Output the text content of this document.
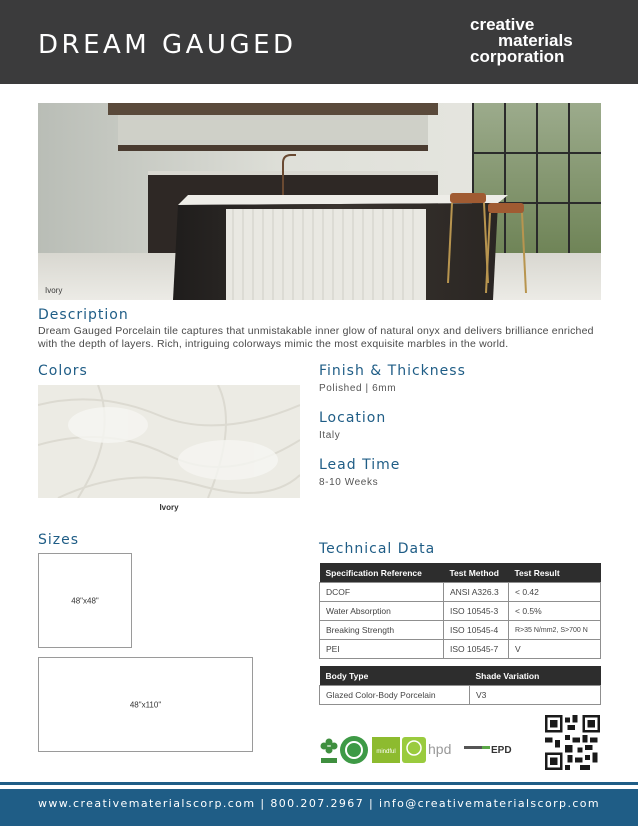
DREAM GAUGED
creative
materials
corporation
Ivory
Description

Dream Gauged Porcelain tile captures that unmistakable inner glow of natural onyx and delivers brilliance enriched with the depth of layers. Rich, intriguing colorways mimic the most exquisite marbles in the world.

Colors
Ivory
Finish & Thickness
Polished | 6mm
Location
Italy
Lead Time
8-10 Weeks
Sizes
48"x48"
48"x110"
Technical Data
Specification Reference	Test Method	Test Result
DCOF	ANSI A326.3	< 0.42
Water Absorption	ISO 10545-3	< 0.5%
Breaking Strength	ISO 10545-4	R>35 N/mm2, S>700 N
PEI	ISO 10545-7	V
Body Type	Shade Variation
Glazed Color-Body Porcelain	V3
mindful hpd	EPD
www.creativematerialscorp.com | 800.207.2967 | info@creativematerialscorp.com
